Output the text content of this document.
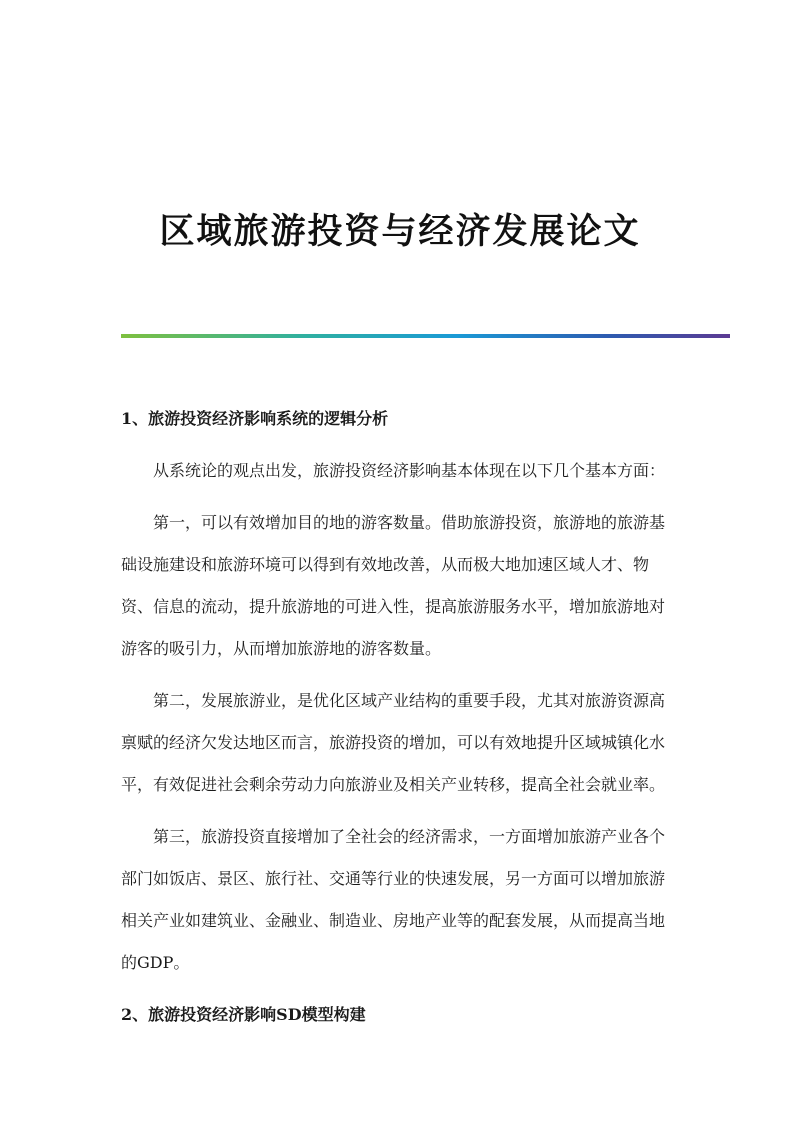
区域旅游投资与经济发展论文
1、旅游投资经济影响系统的逻辑分析
从系统论的观点出发，旅游投资经济影响基本体现在以下几个基本方面：
第一，可以有效增加目的地的游客数量。借助旅游投资，旅游地的旅游基
础设施建设和旅游环境可以得到有效地改善，从而极大地加速区域人才、物
资、信息的流动，提升旅游地的可进入性，提高旅游服务水平，增加旅游地对
游客的吸引力，从而增加旅游地的游客数量。
第二，发展旅游业，是优化区域产业结构的重要手段，尤其对旅游资源高
禀赋的经济欠发达地区而言，旅游投资的增加，可以有效地提升区域城镇化水
平，有效促进社会剩余劳动力向旅游业及相关产业转移，提高全社会就业率。
第三，旅游投资直接增加了全社会的经济需求，一方面增加旅游产业各个
部门如饭店、景区、旅行社、交通等行业的快速发展，另一方面可以增加旅游
相关产业如建筑业、金融业、制造业、房地产业等的配套发展，从而提高当地
的GDP。
2、旅游投资经济影响SD模型构建
